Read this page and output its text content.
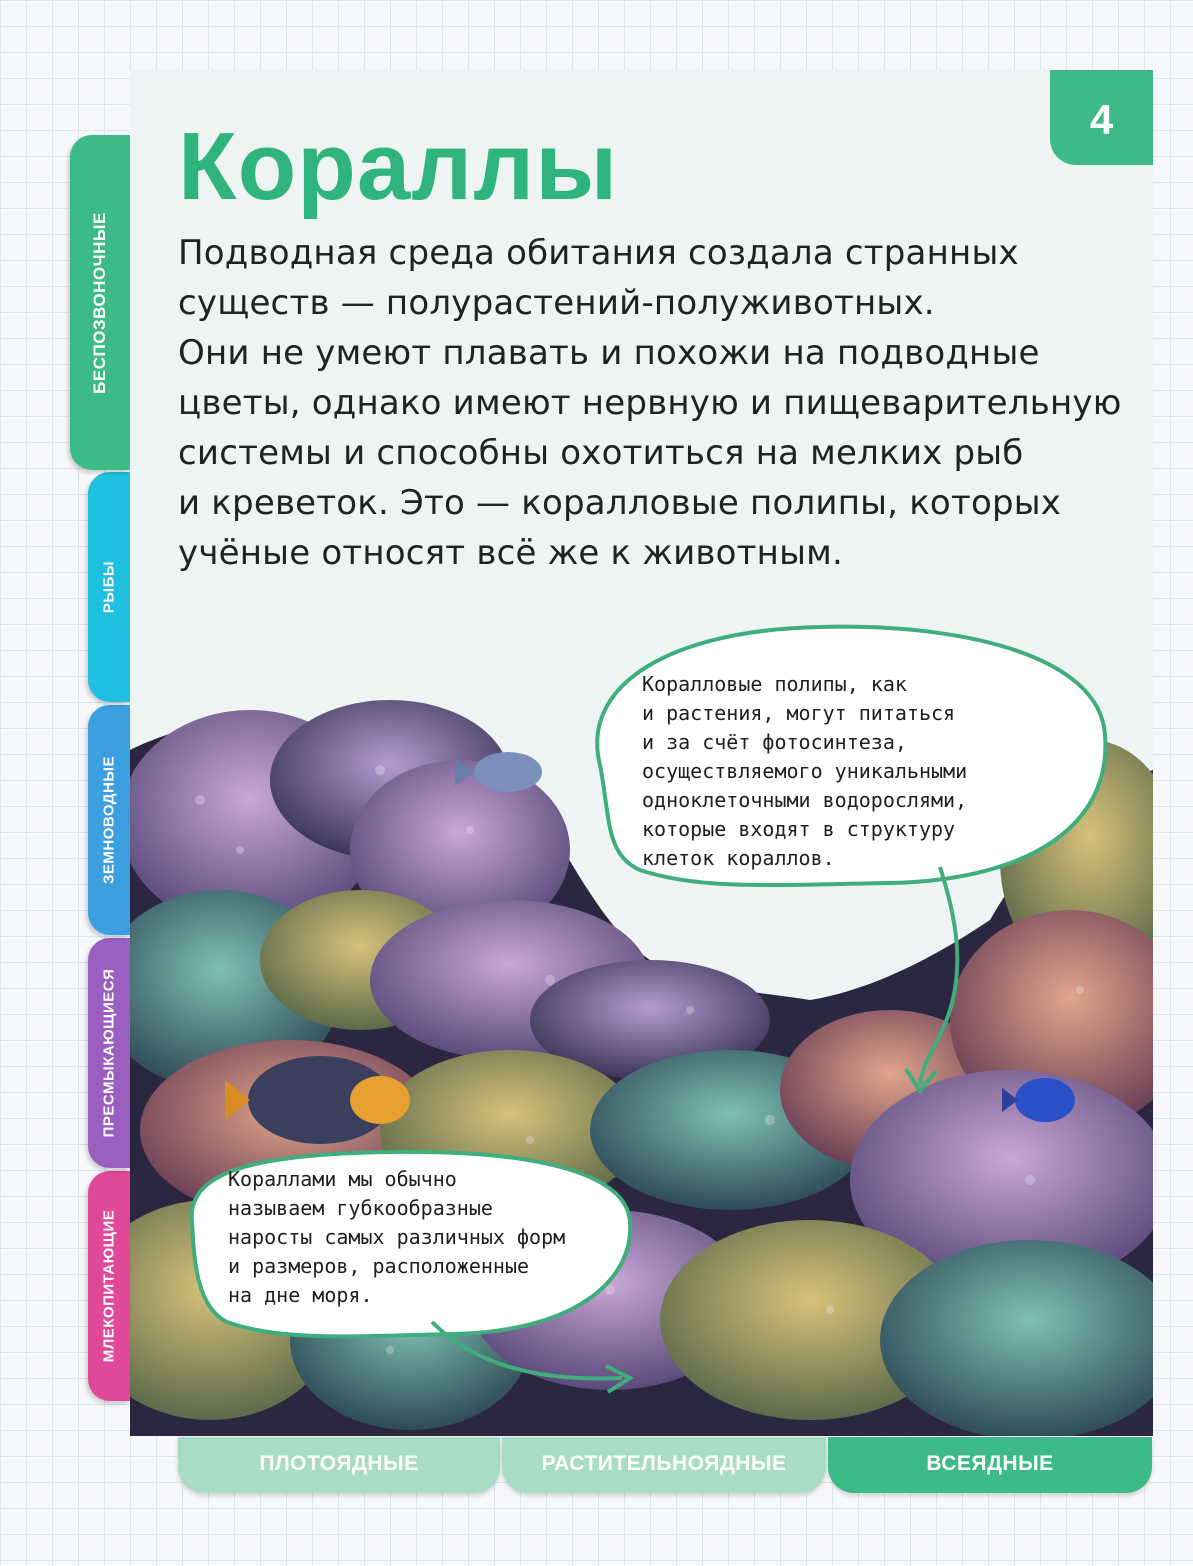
БЕСПОЗВОНОЧНЫЕ
РЫБЫ
ЗЕМНОВОДНЫЕ
ПРЕСМЫКАЮЩИЕСЯ
МЛЕКОПИТАЮЩИЕ
4
Кораллы

Подводная среда обитания создала странных
существ — полурастений-полуживотных.
Они не умеют плавать и похожи на подводные
цветы, однако имеют нервную и пищеварительную
системы и способны охотиться на мелких рыб
и креветок. Это — коралловые полипы, которых
учёные относят всё же к животным.

Коралловые полипы, как
и растения, могут питаться
и за счёт фотосинтеза,
осуществляемого уникальными
одноклеточными водорослями,
которые входят в структуру
клеток кораллов.
Кораллами мы обычно
называем губкообразные
наросты самых различных форм
и размеров, расположенные
на дне моря.
ПЛОТОЯДНЫЕ	РАСТИТЕЛЬНОЯДНЫЕ	ВСЕЯДНЫЕ
